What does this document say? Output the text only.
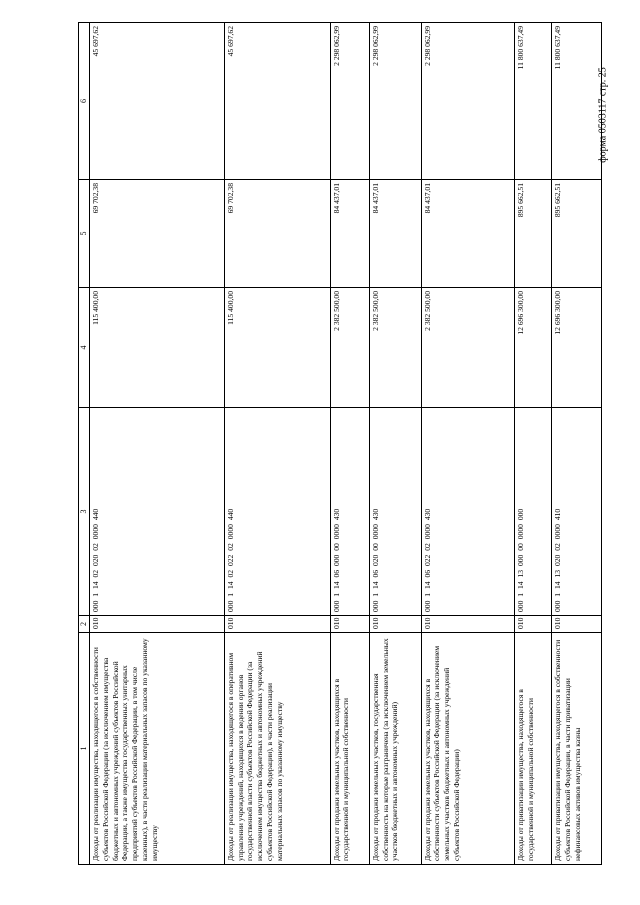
форма 0503117 стр. 25
1	2	3	4	5	6
Доходы от реализации имущества, находящегося в собственности субъектов Российской Федерации (за исключением имущества бюджетных и автономных учреждений субъектов Российской Федерации, а также имущества государственных унитарных предприятий субъектов Российской Федерации, в том числе казенных), в части реализации материальных запасов по указанному имуществу	010	000 1 14 02 020 02 0000 440	115 400,00	69 702,38	45 697,62
Доходы от реализации имущества, находящегося в оперативном управлении учреждений, находящихся в ведении органов государственной власти субъектов Российской Федерации (за исключением имущества бюджетных и автономных учреждений субъектов Российской Федерации), в части реализации материальных запасов по указанному имуществу	010	000 1 14 02 022 02 0000 440	115 400,00	69 702,38	45 697,62
Доходы от продажи земельных участков, находящихся в государственной и муниципальной собственности	010	000 1 14 06 000 00 0000 430	2 382 500,00	84 437,01	2 298 062,99
Доходы от продажи земельных участков, государственная собственность на которые разграничена (за исключением земельных участков бюджетных и автономных учреждений)	010	000 1 14 06 020 00 0000 430	2 382 500,00	84 437,01	2 298 062,99
Доходы от продажи земельных участков, находящихся в собственности субъектов Российской Федерации (за исключением земельных участков бюджетных и автономных учреждений субъектов Российской Федерации)	010	000 1 14 06 022 02 0000 430	2 382 500,00	84 437,01	2 298 062,99
Доходы от приватизации имущества, находящегося в государственной и муниципальной собственности	010	000 1 14 13 000 00 0000 000	12 696 300,00	895 662,51	11 800 637,49
Доходы от приватизации имущества, находящегося в собственности субъектов Российской Федерации, в части приватизации нефинансовых активов имущества казны	010	000 1 14 13 020 02 0000 410	12 696 300,00	895 662,51	11 800 637,49
